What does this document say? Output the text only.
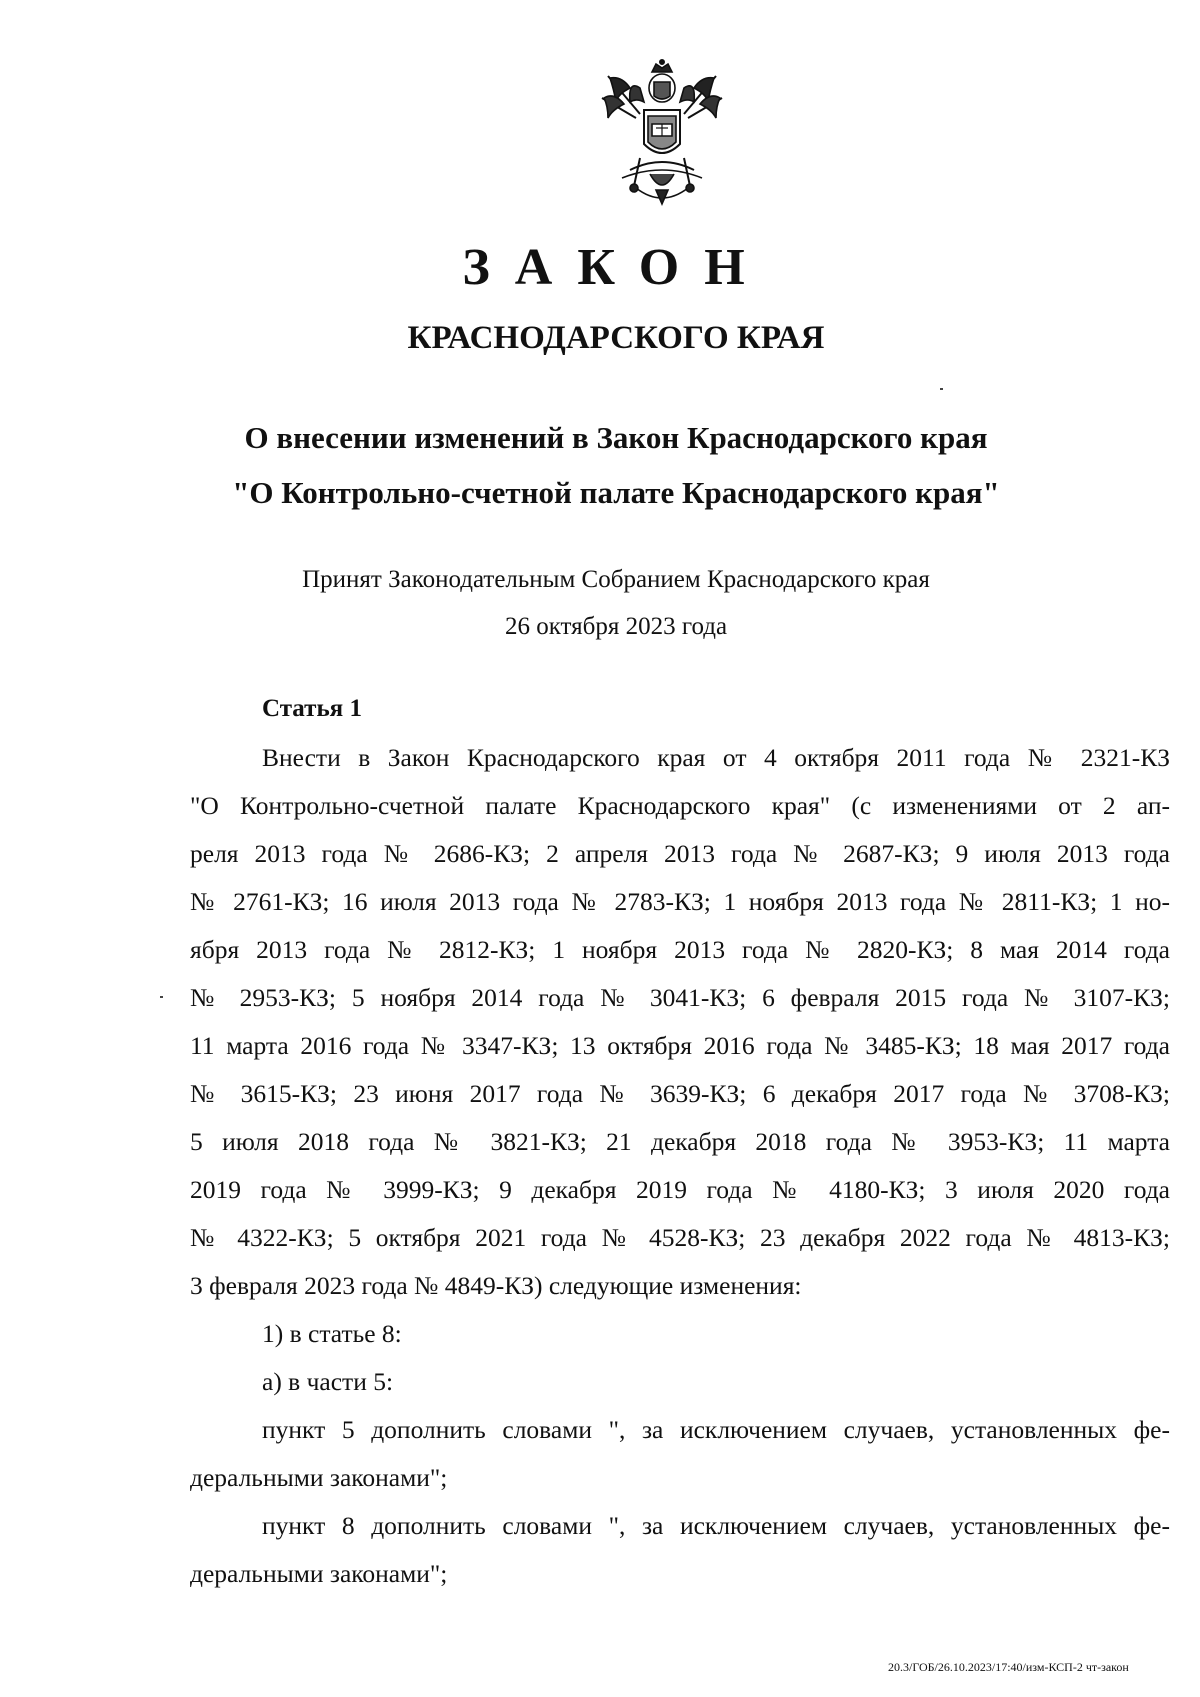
ЗАКОН
КРАСНОДАРСКОГО КРАЯ
О внесении изменений в Закон Краснодарского края
"О Контрольно-счетной палате Краснодарского края"
Принят Законодательным Собранием Краснодарского края
26 октября 2023 года
Статья 1
Внести в Закон Краснодарского края от 4 октября 2011 года № 2321-КЗ
"О Контрольно-счетной палате Краснодарского края" (с изменениями от 2 ап-
реля 2013 года № 2686-КЗ; 2 апреля 2013 года № 2687-КЗ; 9 июля 2013 года
№ 2761-КЗ; 16 июля 2013 года № 2783-КЗ; 1 ноября 2013 года № 2811-КЗ; 1 но-
ября 2013 года № 2812-КЗ; 1 ноября 2013 года № 2820-КЗ; 8 мая 2014 года
№ 2953-КЗ; 5 ноября 2014 года № 3041-КЗ; 6 февраля 2015 года № 3107-КЗ;
11 марта 2016 года № 3347-КЗ; 13 октября 2016 года № 3485-КЗ; 18 мая 2017 года
№ 3615-КЗ; 23 июня 2017 года № 3639-КЗ; 6 декабря 2017 года № 3708-КЗ;
5 июля 2018 года № 3821-КЗ; 21 декабря 2018 года № 3953-КЗ; 11 марта
2019 года № 3999-КЗ; 9 декабря 2019 года № 4180-КЗ; 3 июля 2020 года
№ 4322-КЗ; 5 октября 2021 года № 4528-КЗ; 23 декабря 2022 года № 4813-КЗ;
3 февраля 2023 года № 4849-КЗ) следующие изменения:
1) в статье 8:
а) в части 5:
пункт 5 дополнить словами ", за исключением случаев, установленных фе-
деральными законами";
пункт 8 дополнить словами ", за исключением случаев, установленных фе-
деральными законами";
20.3/ГОБ/26.10.2023/17:40/изм-КСП-2 чт-закон
